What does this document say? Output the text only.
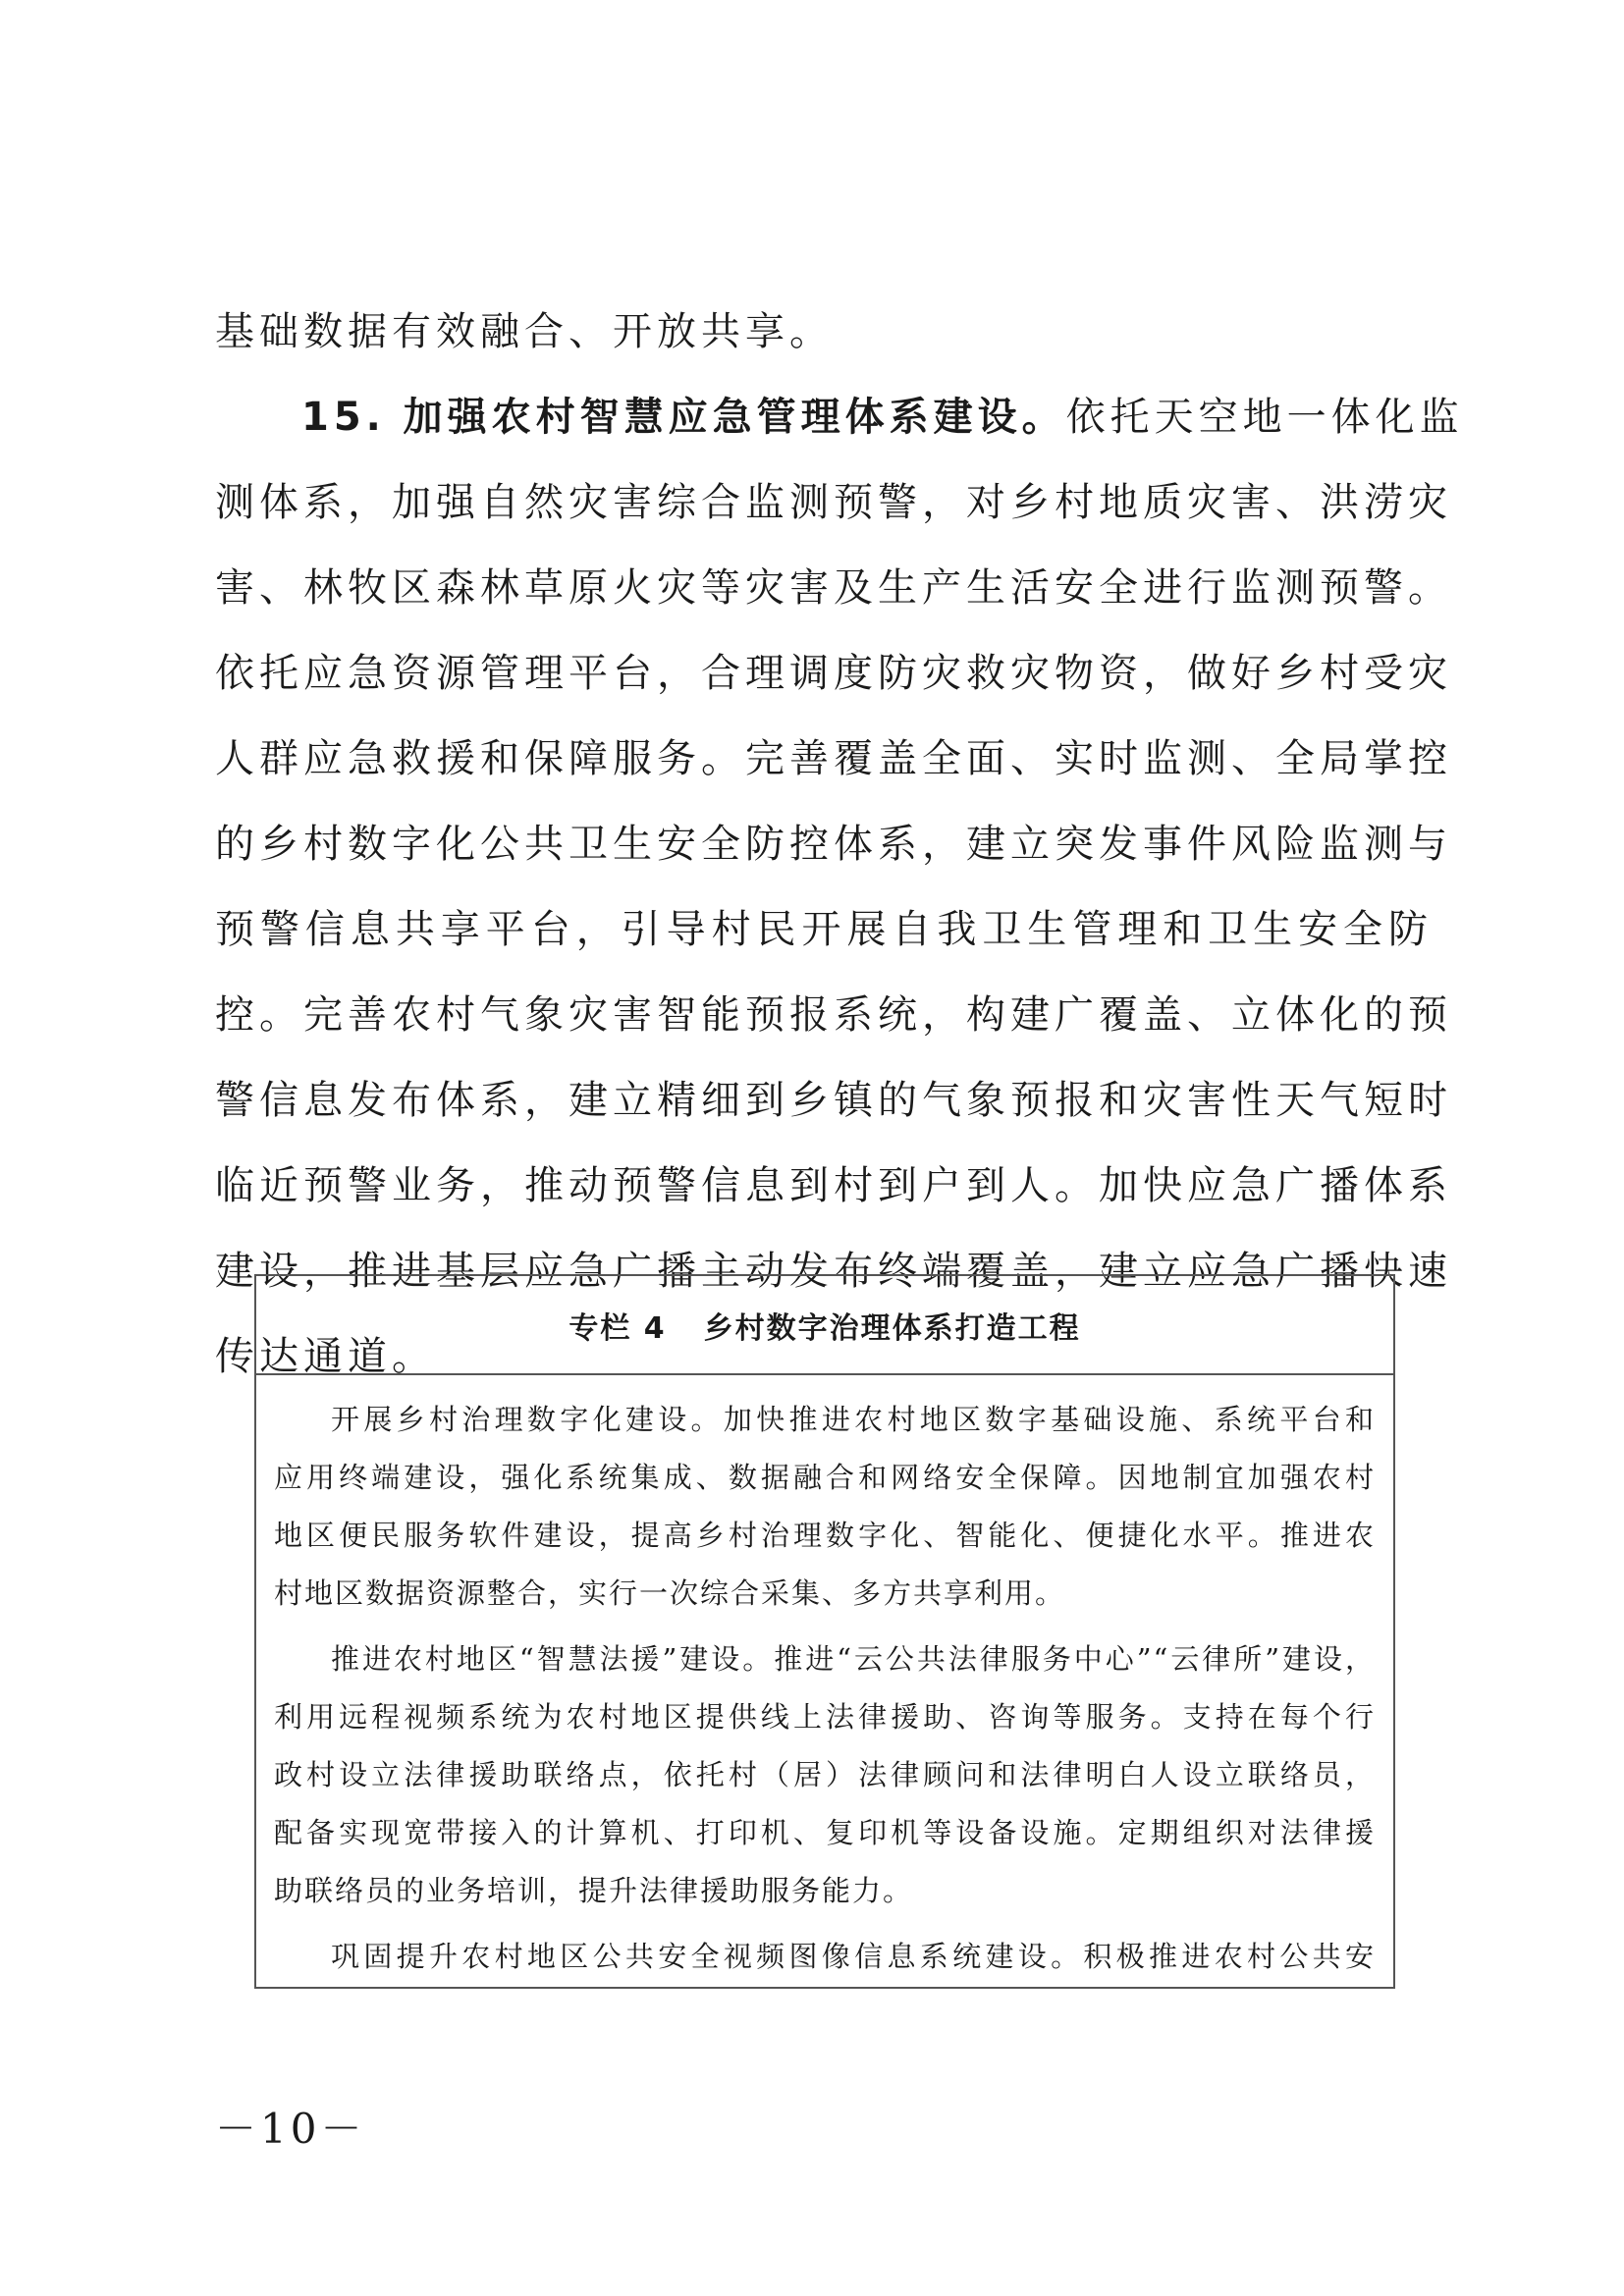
基础数据有效融合、开放共享。
15. 加强农村智慧应急管理体系建设。依托天空地一体化监
测体系，加强自然灾害综合监测预警，对乡村地质灾害、洪涝灾
害、林牧区森林草原火灾等灾害及生产生活安全进行监测预警。
依托应急资源管理平台，合理调度防灾救灾物资，做好乡村受灾
人群应急救援和保障服务。完善覆盖全面、实时监测、全局掌控
的乡村数字化公共卫生安全防控体系，建立突发事件风险监测与
预警信息共享平台，引导村民开展自我卫生管理和卫生安全防
控。完善农村气象灾害智能预报系统，构建广覆盖、立体化的预
警信息发布体系，建立精细到乡镇的气象预报和灾害性天气短时
临近预警业务，推动预警信息到村到户到人。加快应急广播体系
建设，推进基层应急广播主动发布终端覆盖，建立应急广播快速
传达通道。
专栏 4 乡村数字治理体系打造工程
开展乡村治理数字化建设。加快推进农村地区数字基础设施、系统平台和
应用终端建设，强化系统集成、数据融合和网络安全保障。因地制宜加强农村
地区便民服务软件建设，提高乡村治理数字化、智能化、便捷化水平。推进农
村地区数据资源整合，实行一次综合采集、多方共享利用。
推进农村地区“智慧法援”建设。推进“云公共法律服务中心”“云律所”建设，
利用远程视频系统为农村地区提供线上法律援助、咨询等服务。支持在每个行
政村设立法律援助联络点，依托村（居）法律顾问和法律明白人设立联络员，
配备实现宽带接入的计算机、打印机、复印机等设备设施。定期组织对法律援
助联络员的业务培训，提升法律援助服务能力。
巩固提升农村地区公共安全视频图像信息系统建设。积极推进农村公共安
－10－
